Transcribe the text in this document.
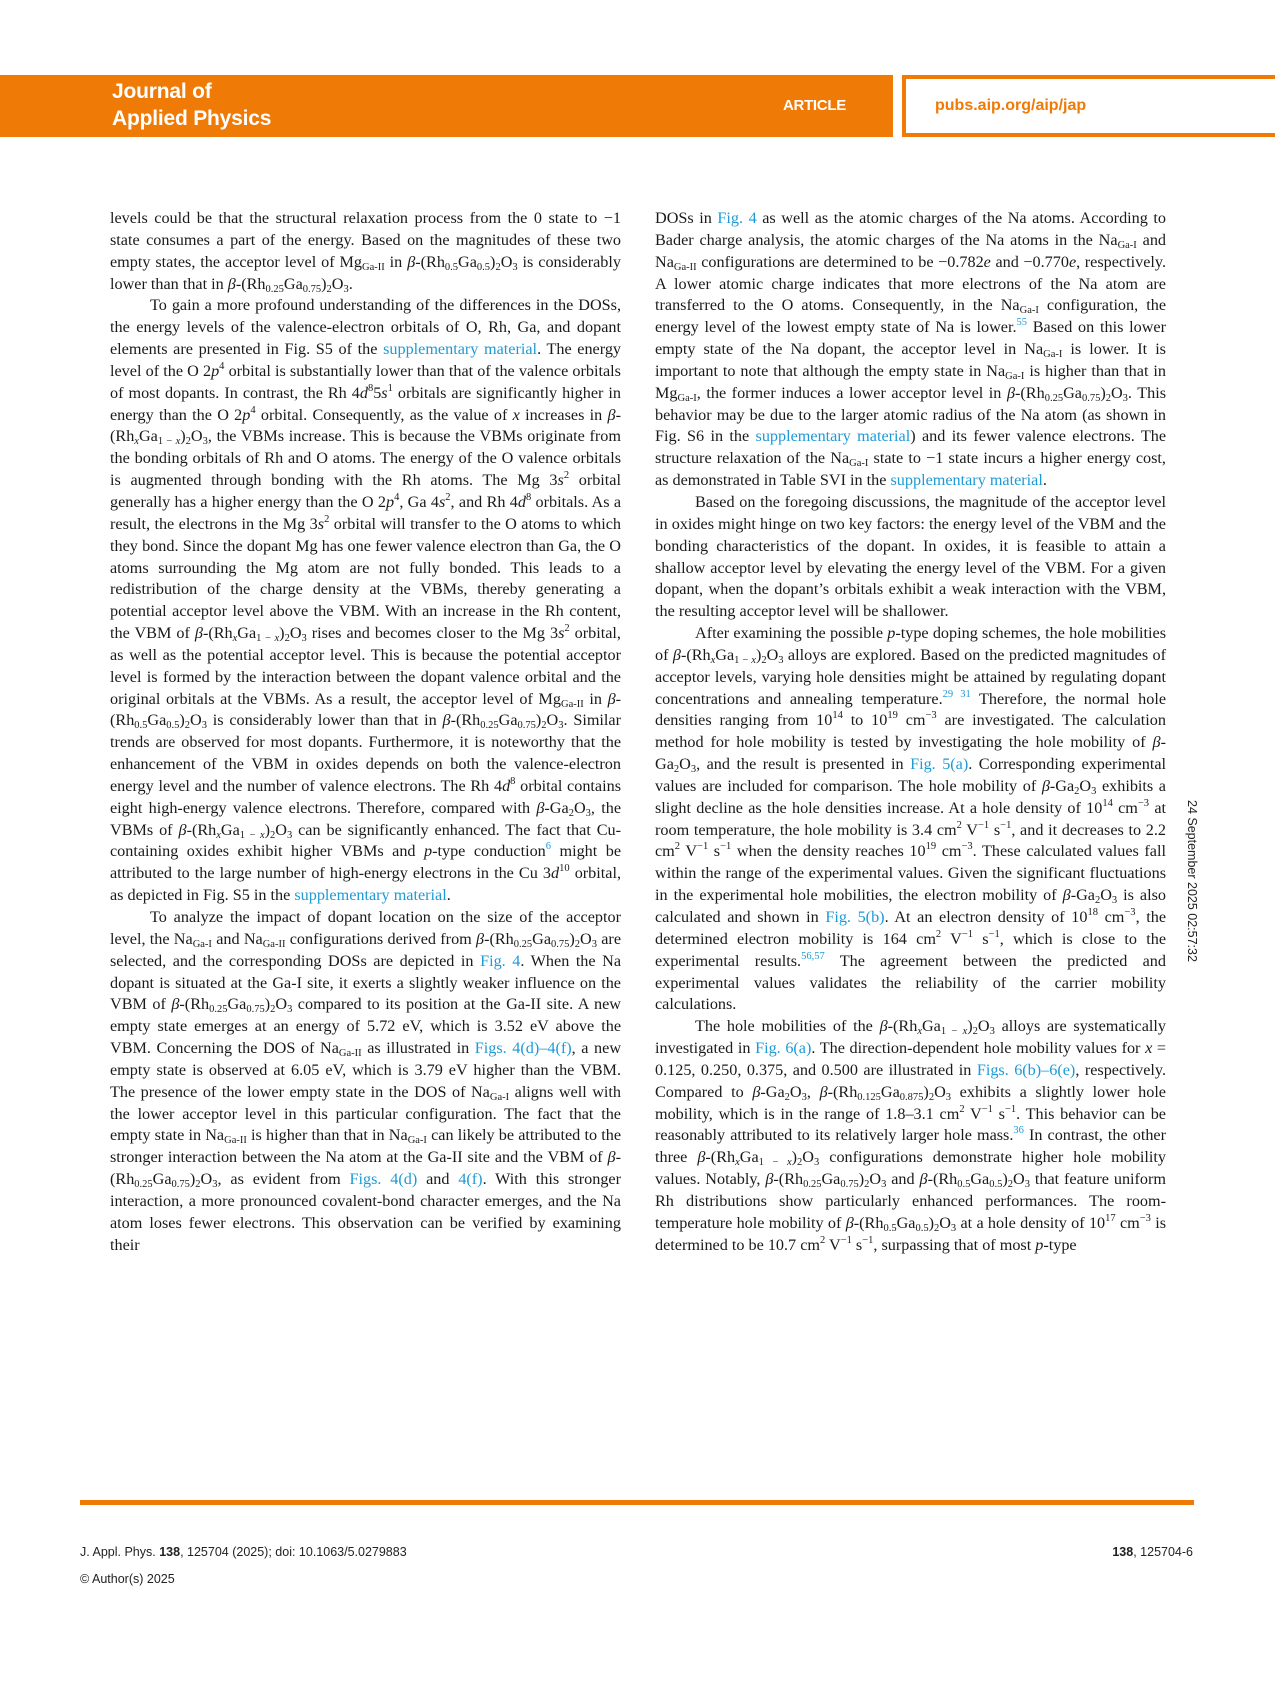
Journal of
Applied Physics
ARTICLE	pubs.aip.org/aip/jap

levels could be that the structural relaxation process from the 0 state to −1 state consumes a part of the energy. Based on the magnitudes of these two empty states, the acceptor level of $Mg_{Ga-II}$ in $\beta-(Rh_{0.5}Ga_{0.5})_2O_3$ is considerably lower than that in $\beta-(Rh_{0.25}Ga_{0.75})_2O_3$.

To gain a more profound understanding of the differences in the DOSs, the energy levels of the valence-electron orbitals of O, Rh, Ga, and dopant elements are presented in Fig. S5 of the supplementary material. The energy level of the O $2p^4$ orbital is substantially lower than that of the valence orbitals of most dopants. In contrast, the Rh $4d^85s^1$ orbitals are significantly higher in energy than the O $2p^4$ orbital. Consequently, as the value of x increases in $\beta-(Rh_xGa_{1 - x})_2O_3$, the VBMs increase. This is because the VBMs originate from the bonding orbitals of Rh and O atoms. The energy of the O valence orbitals is augmented through bonding with the Rh atoms. The Mg $3s^2$ orbital generally has a higher energy than the O $2p^4$, Ga $4s^2$, and Rh $4d^8$ orbitals. As a result, the electrons in the Mg $3s^2$ orbital will transfer to the O atoms to which they bond. Since the dopant Mg has one fewer valence electron than Ga, the O atoms surrounding the Mg atom are not fully bonded. This leads to a redistribution of the charge density at the VBMs, thereby generating a potential acceptor level above the VBM. With an increase in the Rh content, the VBM of $\beta-(Rh_xGa_{1 - x})_2O_3$ rises and becomes closer to the Mg $3s^2$ orbital, as well as the potential acceptor level. This is because the potential acceptor level is formed by the interaction between the dopant valence orbital and the original orbitals at the VBMs. As a result, the acceptor level of $Mg_{Ga-II}$ in $\beta-(Rh_{0.5}Ga_{0.5})_2O_3$ is considerably lower than that in $\beta-(Rh_{0.25}Ga_{0.75})_2O_3$. Similar trends are observed for most dopants. Furthermore, it is noteworthy that the enhancement of the VBM in oxides depends on both the valence-electron energy level and the number of valence electrons. The Rh $4d^8$ orbital contains eight high-energy valence electrons. Therefore, compared with $\beta-Ga_2O_3$, the VBMs of $\beta-(Rh_xGa_{1 - x})_2O_3$ can be significantly enhanced. The fact that Cu-containing oxides exhibit higher VBMs and p-type conduction$^6$ might be attributed to the large number of high-energy electrons in the Cu $3d^{10}$ orbital, as depicted in Fig. S5 in the supplementary material.

To analyze the impact of dopant location on the size of the acceptor level, the $Na_{Ga-I}$ and $Na_{Ga-II}$ configurations derived from $\beta-(Rh_{0.25}Ga_{0.75})_2O_3$ are selected, and the corresponding DOSs are depicted in Fig. 4. When the Na dopant is situated at the Ga-I site, it exerts a slightly weaker influence on the VBM of $\beta-(Rh_{0.25}Ga_{0.75})_2O_3$ compared to its position at the Ga-II site. A new empty state emerges at an energy of 5.72 eV, which is 3.52 eV above the VBM. Concerning the DOS of $Na_{Ga-II}$ as illustrated in Figs. 4(d)–4(f), a new empty state is observed at 6.05 eV, which is 3.79 eV higher than the VBM. The presence of the lower empty state in the DOS of $Na_{Ga-I}$ aligns well with the lower acceptor level in this particular configuration. The fact that the empty state in $Na_{Ga-II}$ is higher than that in $Na_{Ga-I}$ can likely be attributed to the stronger interaction between the Na atom at the Ga-II site and the VBM of $\beta-(Rh_{0.25}Ga_{0.75})_2O_3$, as evident from Figs. 4(d) and 4(f). With this stronger interaction, a more pronounced covalent-bond character emerges, and the Na atom loses fewer electrons. This observation can be verified by examining their

DOSs in Fig. 4 as well as the atomic charges of the Na atoms. According to Bader charge analysis, the atomic charges of the Na atoms in the $Na_{Ga-I}$ and $Na_{Ga-II}$ configurations are determined to be −0.782e and −0.770e, respectively. A lower atomic charge indicates that more electrons of the Na atom are transferred to the O atoms. Consequently, in the $Na_{Ga-I}$ configuration, the energy level of the lowest empty state of Na is lower.$^{55}$ Based on this lower empty state of the Na dopant, the acceptor level in $Na_{Ga-I}$ is lower. It is important to note that although the empty state in $Na_{Ga-I}$ is higher than that in $Mg_{Ga-I}$, the former induces a lower acceptor level in $\beta-(Rh_{0.25}Ga_{0.75})_2O_3$. This behavior may be due to the larger atomic radius of the Na atom (as shown in Fig. S6 in the supplementary material) and its fewer valence electrons. The structure relaxation of the $Na_{Ga-I}$ state to −1 state incurs a higher energy cost, as demonstrated in Table SVI in the supplementary material.

Based on the foregoing discussions, the magnitude of the acceptor level in oxides might hinge on two key factors: the energy level of the VBM and the bonding characteristics of the dopant. In oxides, it is feasible to attain a shallow acceptor level by elevating the energy level of the VBM. For a given dopant, when the dopant’s orbitals exhibit a weak interaction with the VBM, the resulting acceptor level will be shallower.

After examining the possible p-type doping schemes, the hole mobilities of $\beta-(Rh_xGa_{1 - x})_2O_3$ alloys are explored. Based on the predicted magnitudes of acceptor levels, varying hole densities might be attained by regulating dopant concentrations and annealing temperature.$^{29 31}$ Therefore, the normal hole densities ranging from $10^{14}$ to $10^{19}$ $cm^{-3}$ are investigated. The calculation method for hole mobility is tested by investigating the hole mobility of $\beta-Ga_2O_3$, and the result is presented in Fig. 5(a). Corresponding experimental values are included for comparison. The hole mobility of $\beta-Ga_2O_3$ exhibits a slight decline as the hole densities increase. At a hole density of $10^{14}$ $cm^{-3}$ at room temperature, the hole mobility is 3.4 $cm^2$ $V^{-1}$ $s^{-1}$, and it decreases to 2.2 $cm^2$ $V^{-1}$ $s^{-1}$ when the density reaches $10^{19}$ $cm^{-3}$. These calculated values fall within the range of the experimental values. Given the significant fluctuations in the experimental hole mobilities, the electron mobility of $\beta-Ga_2O_3$ is also calculated and shown in Fig. 5(b). At an electron density of $10^{18}$ $cm^{-3}$, the determined electron mobility is 164 $cm^2$ $V^{-1}$ $s^{-1}$, which is close to the experimental results.$^{56,57}$ The agreement between the predicted and experimental values validates the reliability of the carrier mobility calculations.

The hole mobilities of the $\beta-(Rh_xGa_{1 - x})_2O_3$ alloys are systematically investigated in Fig. 6(a). The direction-dependent hole mobility values for x = 0.125, 0.250, 0.375, and 0.500 are illustrated in Figs. 6(b)–6(e), respectively. Compared to $\beta-Ga_2O_3$, $\beta-(Rh_{0.125}Ga_{0.875})_2O_3$ exhibits a slightly lower hole mobility, which is in the range of 1.8–3.1 $cm^2$ $V^{-1}$ $s^{-1}$. This behavior can be reasonably attributed to its relatively larger hole mass.$^{36}$ In contrast, the other three $\beta-(Rh_xGa_{1 - x})_2O_3$ configurations demonstrate higher hole mobility values. Notably, $\beta-(Rh_{0.25}Ga_{0.75})_2O_3$ and $\beta-(Rh_{0.5}Ga_{0.5})_2O_3$ that feature uniform Rh distributions show particularly enhanced performances. The room-temperature hole mobility of $\beta-(Rh_{0.5}Ga_{0.5})_2O_3$ at a hole density of $10^{17}$ $cm^{-3}$ is determined to be 10.7 $cm^2$ $V^{-1}$ $s^{-1}$, surpassing that of most p-type

24 September 2025 02:57:32
J. Appl. Phys. 138, 125704 (2025); doi: 10.1063/5.0279883	138, 125704-6
© Author(s) 2025
